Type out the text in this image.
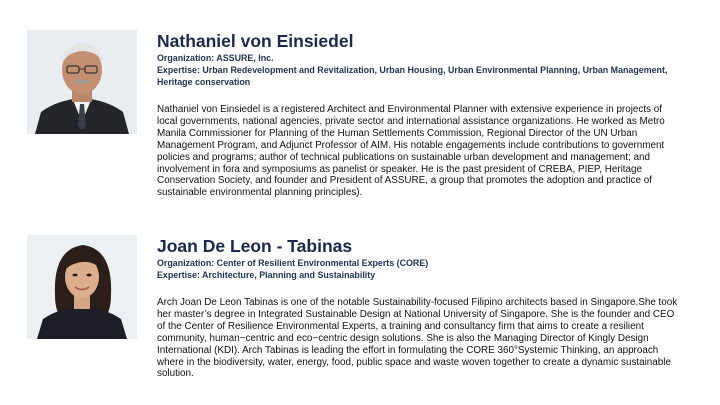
Nathaniel von Einsiedel
Organization: ASSURE, Inc.
Expertise: Urban Redevelopment and Revitalization, Urban Housing, Urban Environmental Planning, Urban Management, Heritage conservation
Nathaniel von Einsiedel is a registered Architect and Environmental Planner with extensive experience in projects of local governments, national agencies, private sector and international assistance organizations. He worked as Metro Manila Commissioner for Planning of the Human Settlements Commission, Regional Director of the UN Urban Management Program, and Adjunct Professor of AIM. His notable engagements include contributions to government policies and programs; author of technical publications on sustainable urban development and management; and involvement in fora and symposiums as panelist or speaker. He is the past president of CREBA, PIEP, Heritage Conservation Society, and founder and President of ASSURE, a group that promotes the adoption and practice of sustainable environmental planning principles).
Joan De Leon - Tabinas
Organization: Center of Resilient Environmental Experts (CORE)
Expertise: Architecture, Planning and Sustainability
Arch Joan De Leon Tabinas is one of the notable Sustainability-focused Filipino architects based in Singapore.She took her master’s degree in Integrated Sustainable Design at National University of Singapore. She is the founder and CEO of the Center of Resilience Environmental Experts, a training and consultancy firm that aims to create a resilient community, human−centric and eco−centric design solutions. She is also the Managing Director of Kingly Design International (KDI). Arch Tabinas is leading the effort in formulating the CORE 360°Systemic Thinking, an approach where in the biodiversity, water, energy, food, public space and waste woven together to create a dynamic sustainable solution.
